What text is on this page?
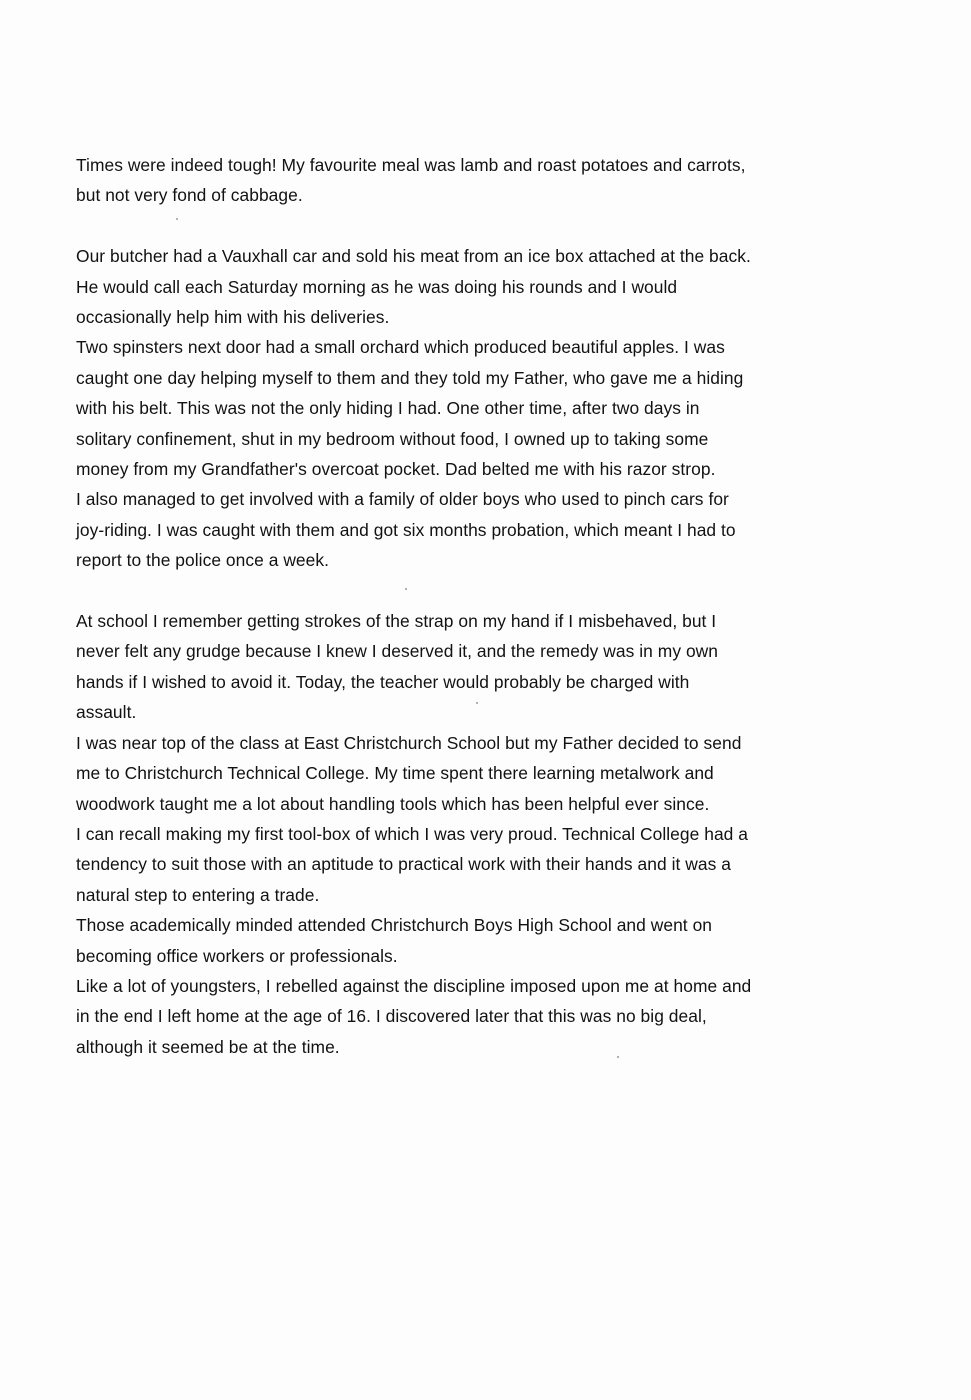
Times were indeed tough! My favourite meal was lamb and roast potatoes and carrots,
but not very fond of cabbage.
Our butcher had a Vauxhall car and sold his meat from an ice box attached at the back.
He would call each Saturday morning as he was doing his rounds and I would
occasionally help him with his deliveries.
Two spinsters next door had a small orchard which produced beautiful apples. I was
caught one day helping myself to them and they told my Father, who gave me a hiding
with his belt. This was not the only hiding I had. One other time, after two days in
solitary confinement, shut in my bedroom without food, I owned up to taking some
money from my Grandfather's overcoat pocket. Dad belted me with his razor strop.
I also managed to get involved with a family of older boys who used to pinch cars for
joy-riding. I was caught with them and got six months probation, which meant I had to
report to the police once a week.
At school I remember getting strokes of the strap on my hand if I misbehaved, but I
never felt any grudge because I knew I deserved it, and the remedy was in my own
hands if I wished to avoid it. Today, the teacher would probably be charged with
assault.
I was near top of the class at East Christchurch School but my Father decided to send
me to Christchurch Technical College. My time spent there learning metalwork and
woodwork taught me a lot about handling tools which has been helpful ever since.
I can recall making my first tool-box of which I was very proud. Technical College had a
tendency to suit those with an aptitude to practical work with their hands and it was a
natural step to entering a trade.
Those academically minded attended Christchurch Boys High School and went on
becoming office workers or professionals.
Like a lot of youngsters, I rebelled against the discipline imposed upon me at home and
in the end I left home at the age of 16. I discovered later that this was no big deal,
although it seemed be at the time.
